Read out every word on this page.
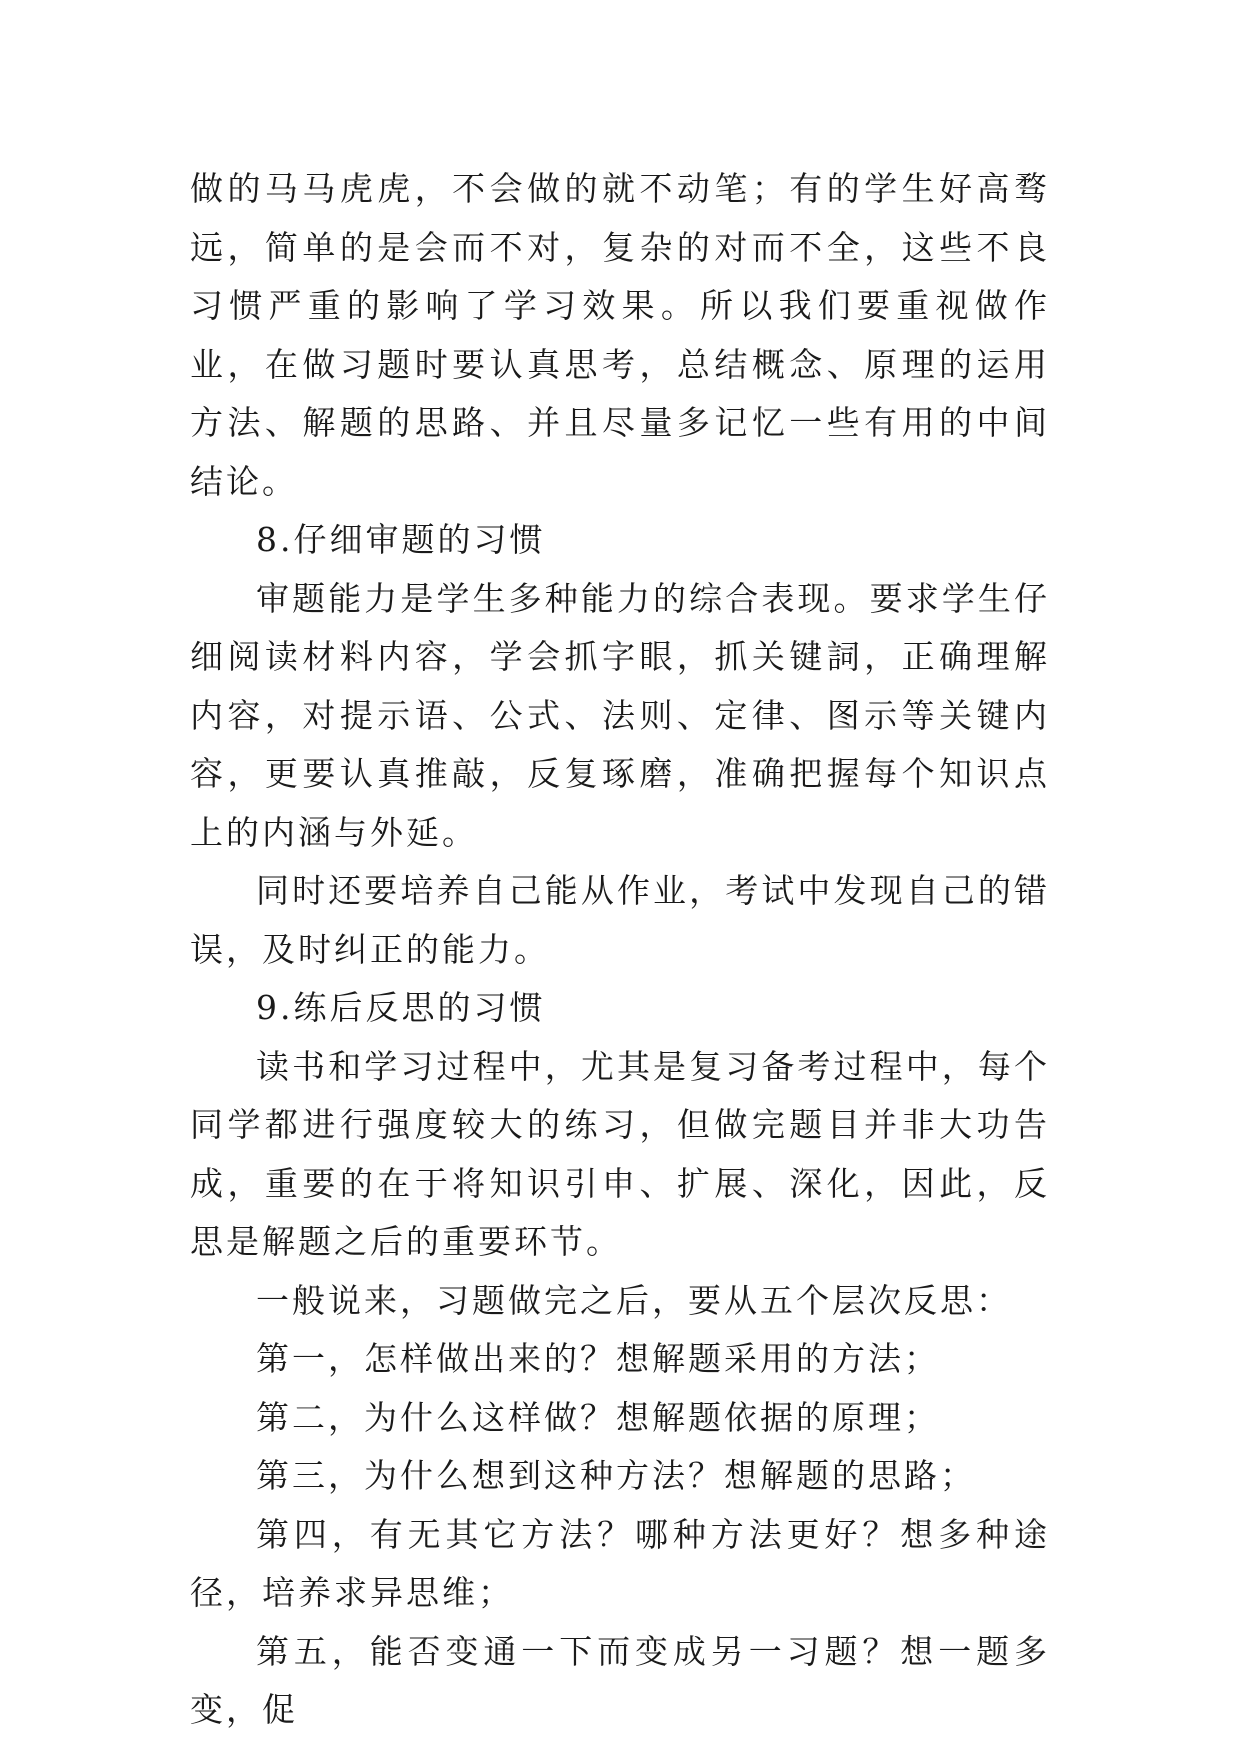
做的马马虎虎，不会做的就不动笔；有的学生好高骛远，简单的是会而不对，复杂的对而不全，这些不良习惯严重的影响了学习效果。所以我们要重视做作业，在做习题时要认真思考，总结概念、原理的运用方法、解题的思路、并且尽量多记忆一些有用的中间结论。

8.仔细审题的习惯

审题能力是学生多种能力的综合表现。要求学生仔细阅读材料内容，学会抓字眼，抓关键詞，正确理解内容，对提示语、公式、法则、定律、图示等关键内容，更要认真推敲，反复琢磨，准确把握每个知识点上的内涵与外延。

同时还要培养自己能从作业，考试中发现自己的错误，及时纠正的能力。

9.练后反思的习惯

读书和学习过程中，尤其是复习备考过程中，每个同学都进行强度较大的练习，但做完题目并非大功告成，重要的在于将知识引申、扩展、深化，因此，反思是解题之后的重要环节。

一般说来，习题做完之后，要从五个层次反思：

第一，怎样做出来的？想解题采用的方法；

第二，为什么这样做？想解题依据的原理；

第三，为什么想到这种方法？想解题的思路；

第四，有无其它方法？哪种方法更好？想多种途径，培养求异思维；

第五，能否变通一下而变成另一习题？想一题多变，促
